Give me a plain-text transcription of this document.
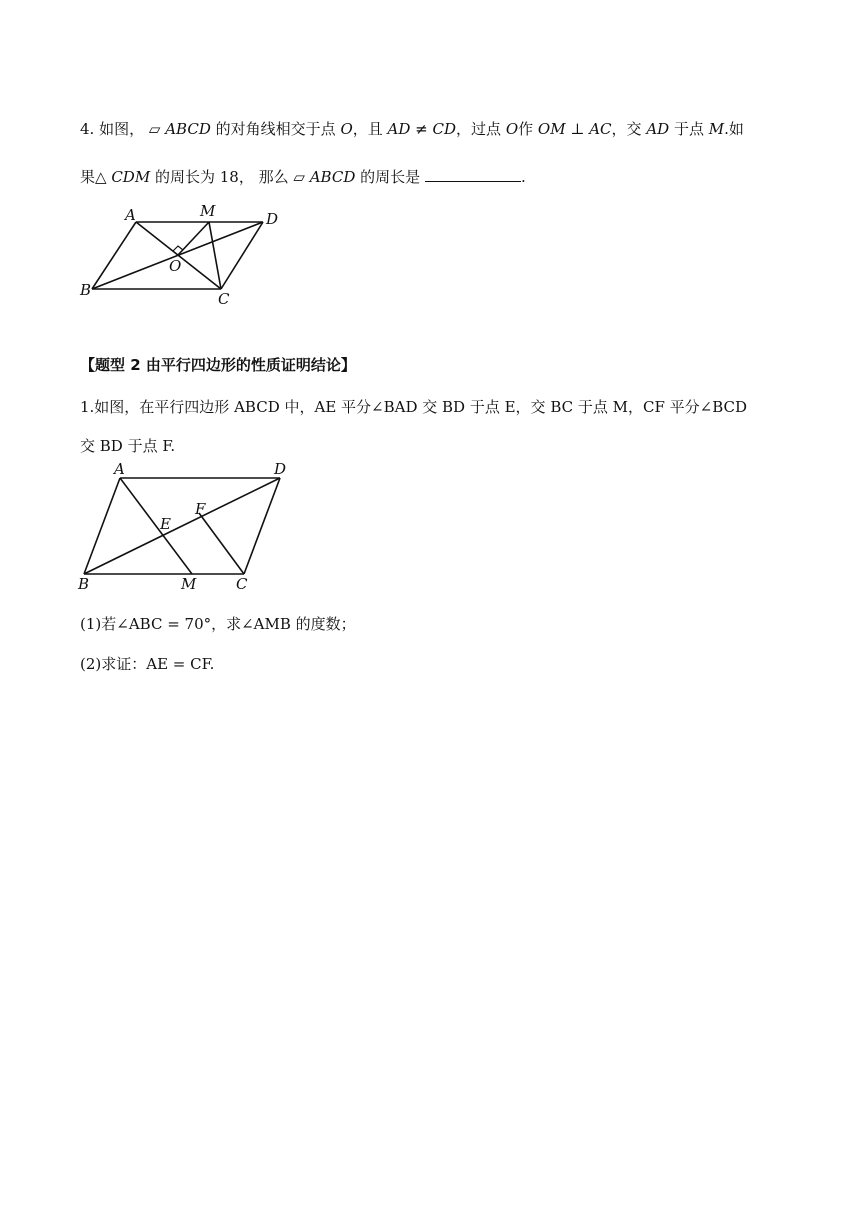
4. 如图， ▱ ABCD 的对角线相交于点 O，且 AD ≠ CD，过点 O作 OM ⊥ AC，交 AD 于点 M.如
果△ CDM 的周长为 18， 那么 ▱ ABCD 的周长是	.
A	M	D
O
B	C
【题型 2 由平行四边形的性质证明结论】
1.如图，在平行四边形 ABCD 中，AE 平分∠BAD 交 BD 于点 E，交 BC 于点 M，CF 平分∠BCD
交 BD 于点 F.
A	D
E
F
B	M	C
(1)若∠ABC = 70°，求∠AMB 的度数；
(2)求证：AE = CF.
